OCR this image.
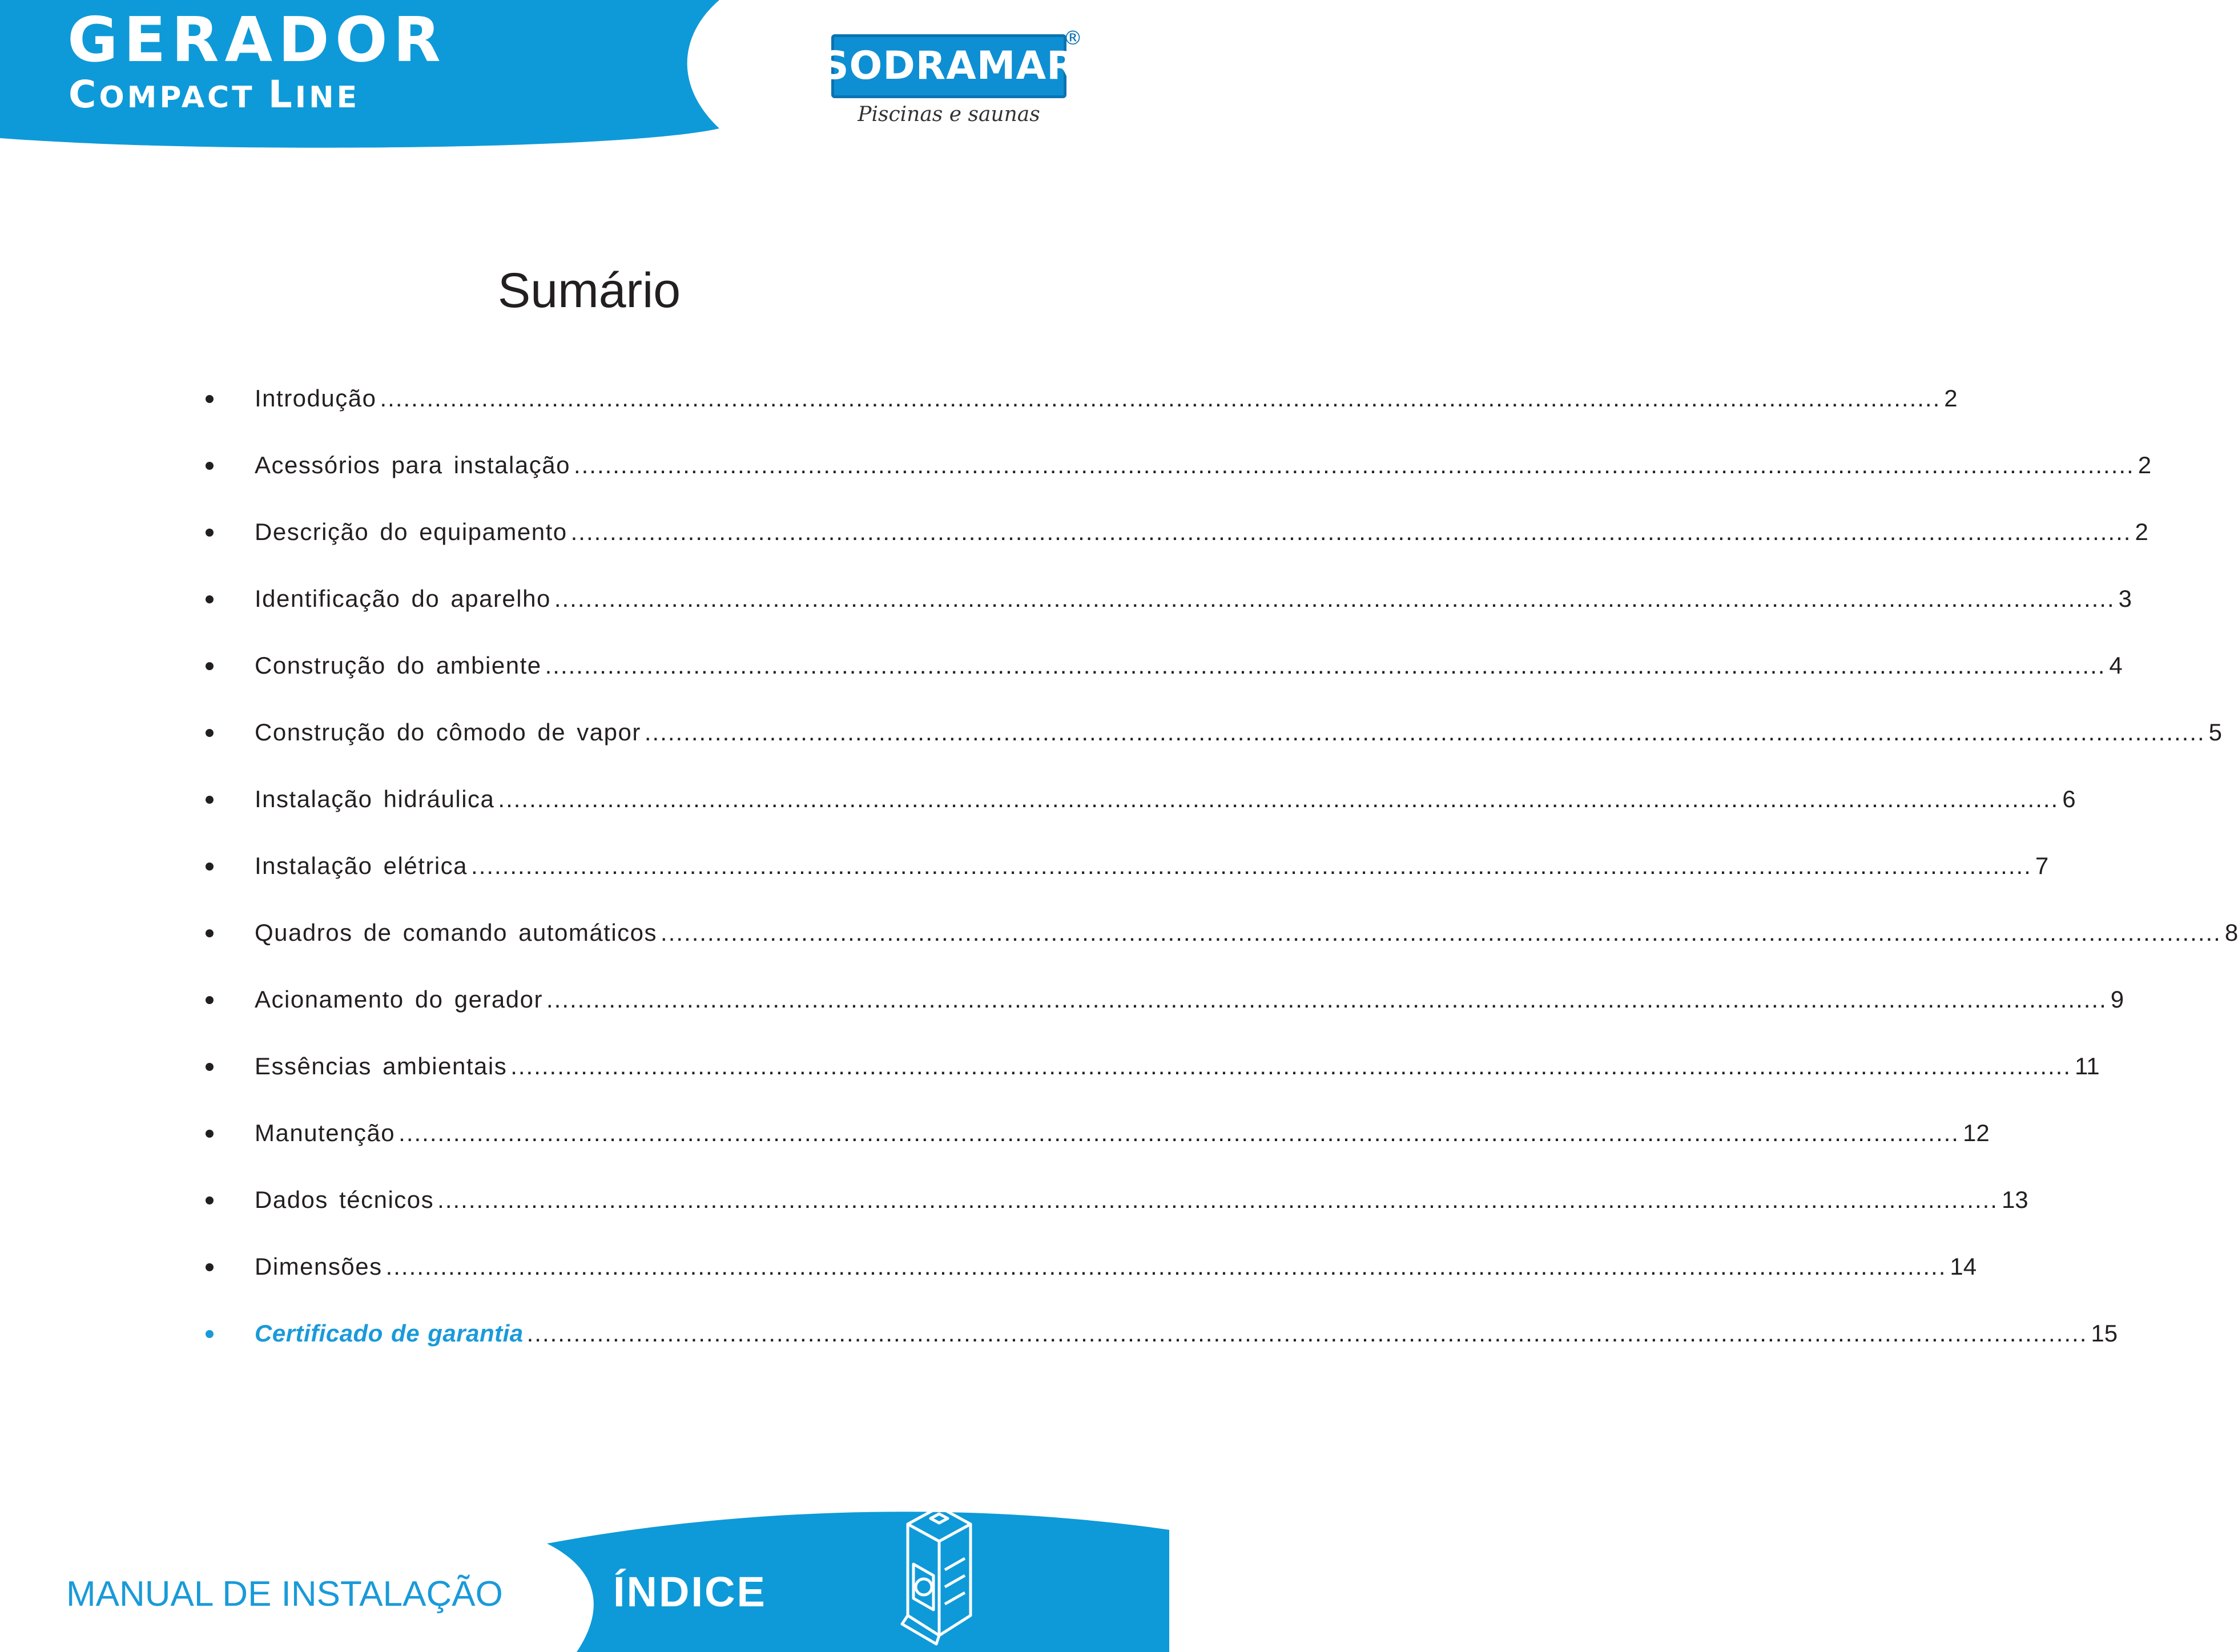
GERADOR
COMPACT LINE
SODRAMAR
®
Piscinas e saunas
Sumário
Introdução ........................................................................................................................................................................................................ 2
Acessórios para instalação ........................................................................................................................................................................................................ 2
Descrição do equipamento ........................................................................................................................................................................................................ 2
Identificação do aparelho ........................................................................................................................................................................................................ 3
Construção do ambiente ........................................................................................................................................................................................................ 4
Construção do cômodo de vapor ........................................................................................................................................................................................................ 5
Instalação hidráulica ........................................................................................................................................................................................................ 6
Instalação elétrica ........................................................................................................................................................................................................ 7
Quadros de comando automáticos ........................................................................................................................................................................................................ 8
Acionamento do gerador ........................................................................................................................................................................................................ 9
Essências ambientais ........................................................................................................................................................................................................ 11
Manutenção ........................................................................................................................................................................................................ 12
Dados técnicos ........................................................................................................................................................................................................ 13
Dimensões ........................................................................................................................................................................................................ 14
Certificado de garantia ........................................................................................................................................................................................................ 15
MANUAL DE INSTALAÇÃO	ÍNDICE
